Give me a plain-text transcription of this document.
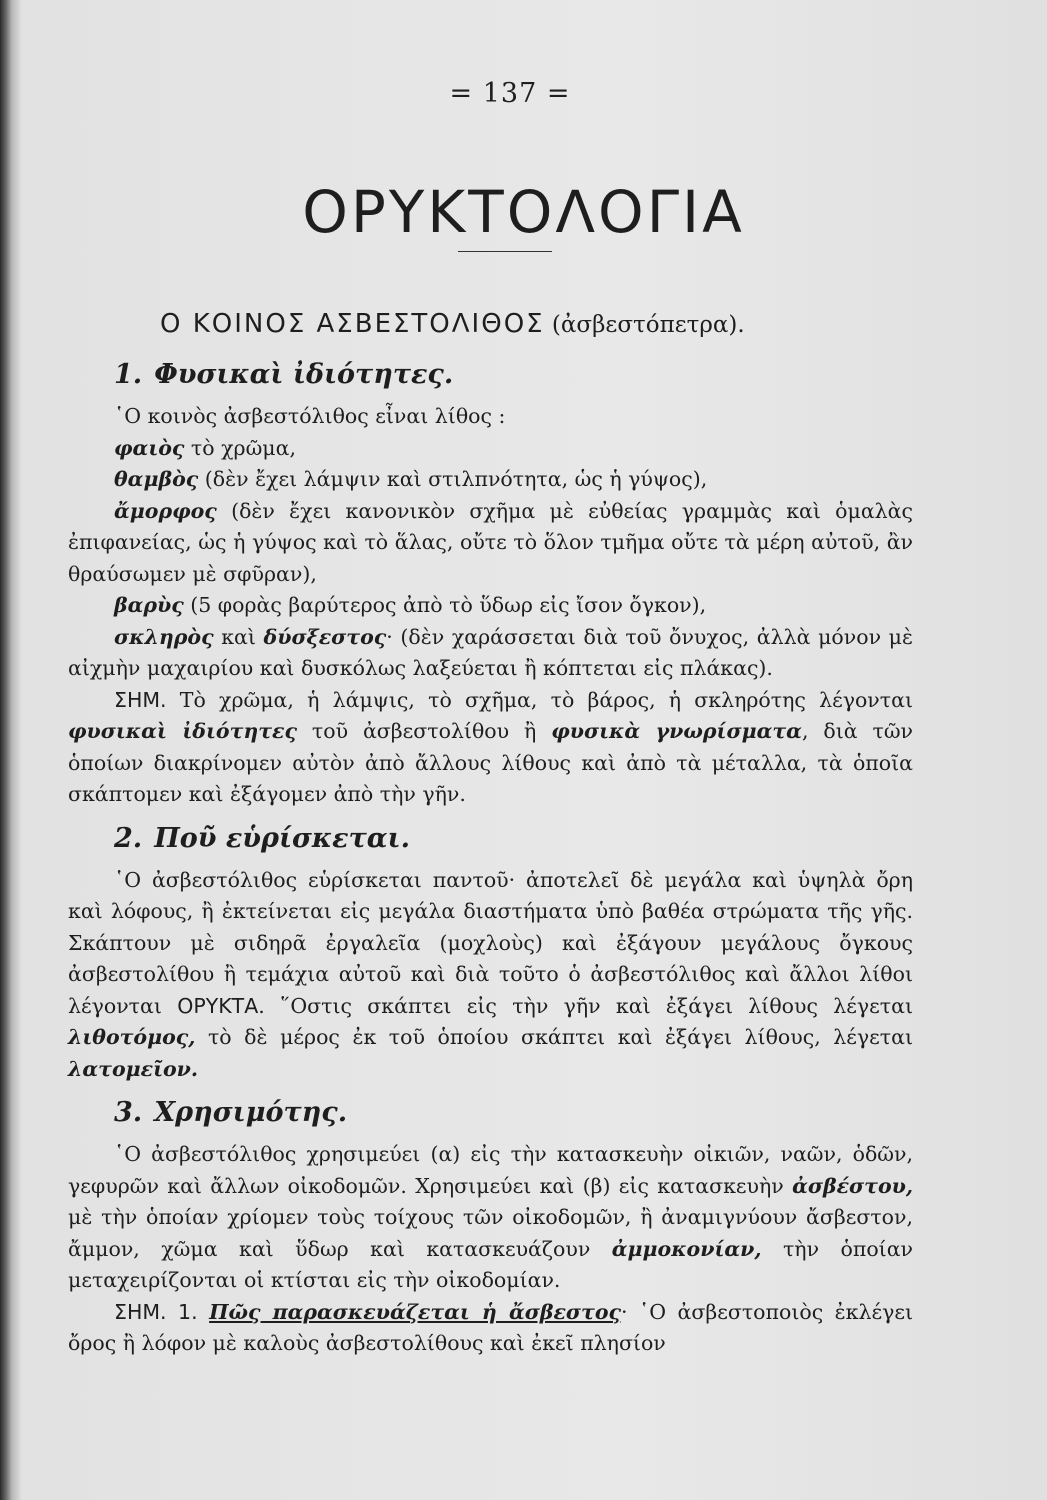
= 137 =
ΟΡΥΚΤΟΛΟΓΙΑ
Ο ΚΟΙΝΟΣ ΑΣΒΕΣΤΟΛΙΘΟΣ (ἀσβεστόπετρα).
1. Φυσικαὶ ἰδιότητες.

῾Ο κοινὸς ἀσβεστόλιθος εἶναι λίθος :

φαιὸς τὸ χρῶμα,

θαμβὸς (δὲν ἔχει λάμψιν καὶ στιλπνότητα, ὡς ἡ γύψος),

ἄμορφος (δὲν ἔχει κανονικὸν σχῆμα μὲ εὐθείας γραμμὰς καὶ ὁμαλὰς ἐπιφανείας, ὡς ἡ γύψος καὶ τὸ ἅλας, οὔτε τὸ ὅλον τμῆμα οὔτε τὰ μέρη αὐτοῦ, ἂν θραύσωμεν μὲ σφῦραν),

βαρὺς (5 φορὰς βαρύτερος ἀπὸ τὸ ὕδωρ εἰς ἴσον ὄγκον),

σκληρὸς καὶ δύσξεστος· (δὲν χαράσσεται διὰ τοῦ ὄνυχος, ἀλλὰ μόνον μὲ αἰχμὴν μαχαιρίου καὶ δυσκόλως λαξεύεται ἢ κόπτεται εἰς πλάκας).

ΣΗΜ. Τὸ χρῶμα, ἡ λάμψις, τὸ σχῆμα, τὸ βάρος, ἡ σκληρότης λέγονται φυσικαὶ ἰδιότητες τοῦ ἀσβεστολίθου ἢ φυσικὰ γνωρίσματα, διὰ τῶν ὁποίων διακρίνομεν αὐτὸν ἀπὸ ἄλλους λίθους καὶ ἀπὸ τὰ μέταλλα, τὰ ὁποῖα σκάπτομεν καὶ ἐξάγομεν ἀπὸ τὴν γῆν.

2. Ποῦ εὑρίσκεται.

῾Ο ἀσβεστόλιθος εὑρίσκεται παντοῦ· ἀποτελεῖ δὲ μεγάλα καὶ ὑψηλὰ ὄρη καὶ λόφους, ἢ ἐκτείνεται εἰς μεγάλα διαστήματα ὑπὸ βαθέα στρώματα τῆς γῆς. Σκάπτουν μὲ σιδηρᾶ ἐργαλεῖα (μοχλοὺς) καὶ ἐξάγουν μεγάλους ὄγκους ἀσβεστολίθου ἢ τεμάχια αὐτοῦ καὶ διὰ τοῦτο ὁ ἀσβεστόλιθος καὶ ἄλλοι λίθοι λέγονται ΟΡΥΚΤΑ. ῞Οστις σκάπτει εἰς τὴν γῆν καὶ ἐξάγει λίθους λέγεται λιθοτόμος, τὸ δὲ μέρος ἐκ τοῦ ὁποίου σκάπτει καὶ ἐξάγει λίθους, λέγεται λατομεῖον.

3. Χρησιμότης.

῾Ο ἀσβεστόλιθος χρησιμεύει (α) εἰς τὴν κατασκευὴν οἰκιῶν, ναῶν, ὁδῶν, γεφυρῶν καὶ ἄλλων οἰκοδομῶν. Χρησιμεύει καὶ (β) εἰς κατασκευὴν ἀσβέστου, μὲ τὴν ὁποίαν χρίομεν τοὺς τοίχους τῶν οἰκοδομῶν, ἢ ἀναμιγνύουν ἄσβεστον, ἄμμον, χῶμα καὶ ὕδωρ καὶ κατασκευάζουν ἀμμοκονίαν, τὴν ὁποίαν μεταχειρίζονται οἱ κτίσται εἰς τὴν οἰκοδομίαν.

ΣΗΜ. 1. Πῶς παρασκευάζεται ἡ ἄσβεστος· ῾Ο ἀσβεστοποιὸς ἐκλέγει ὄρος ἢ λόφον μὲ καλοὺς ἀσβεστολίθους καὶ ἐκεῖ πλησίον
